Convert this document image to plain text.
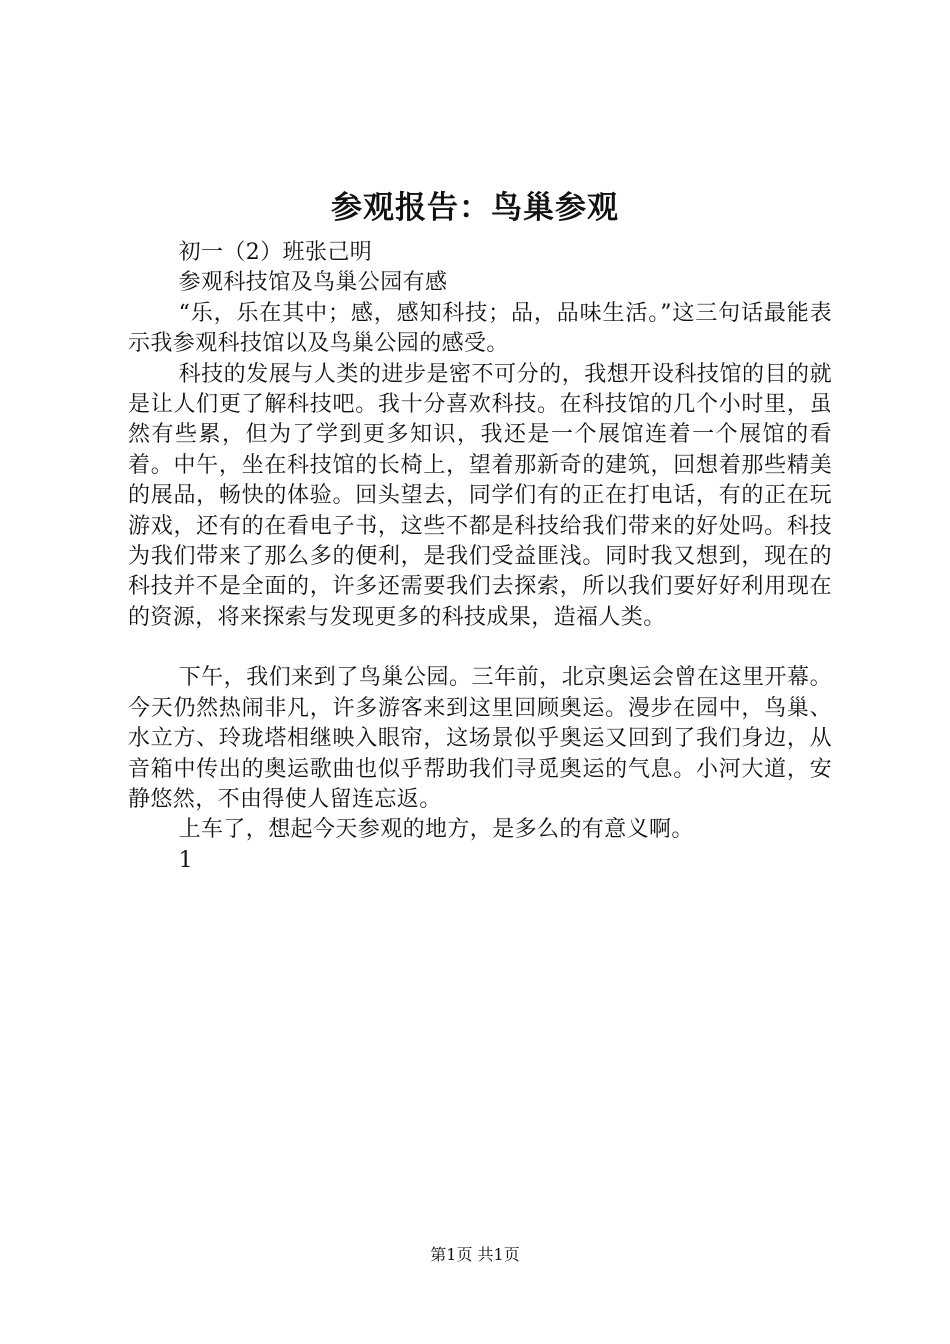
参观报告：鸟巢参观

初一（2）班张己明

参观科技馆及鸟巢公园有感

“乐，乐在其中；感，感知科技；品，品味生活。”这三句话最能表示我参观科技馆以及鸟巢公园的感受。

科技的发展与人类的进步是密不可分的，我想开设科技馆的目的就是让人们更了解科技吧。我十分喜欢科技。在科技馆的几个小时里，虽然有些累，但为了学到更多知识，我还是一个展馆连着一个展馆的看着。中午，坐在科技馆的长椅上，望着那新奇的建筑，回想着那些精美的展品，畅快的体验。回头望去，同学们有的正在打电话，有的正在玩游戏，还有的在看电子书，这些不都是科技给我们带来的好处吗。科技为我们带来了那么多的便利，是我们受益匪浅。同时我又想到，现在的科技并不是全面的，许多还需要我们去探索，所以我们要好好利用现在的资源，将来探索与发现更多的科技成果，造福人类。

下午，我们来到了鸟巢公园。三年前，北京奥运会曾在这里开幕。今天仍然热闹非凡，许多游客来到这里回顾奥运。漫步在园中，鸟巢、水立方、玲珑塔相继映入眼帘，这场景似乎奥运又回到了我们身边，从音箱中传出的奥运歌曲也似乎帮助我们寻觅奥运的气息。小河大道，安静悠然，不由得使人留连忘返。

上车了，想起今天参观的地方，是多么的有意义啊。

1

第1页 共1页
